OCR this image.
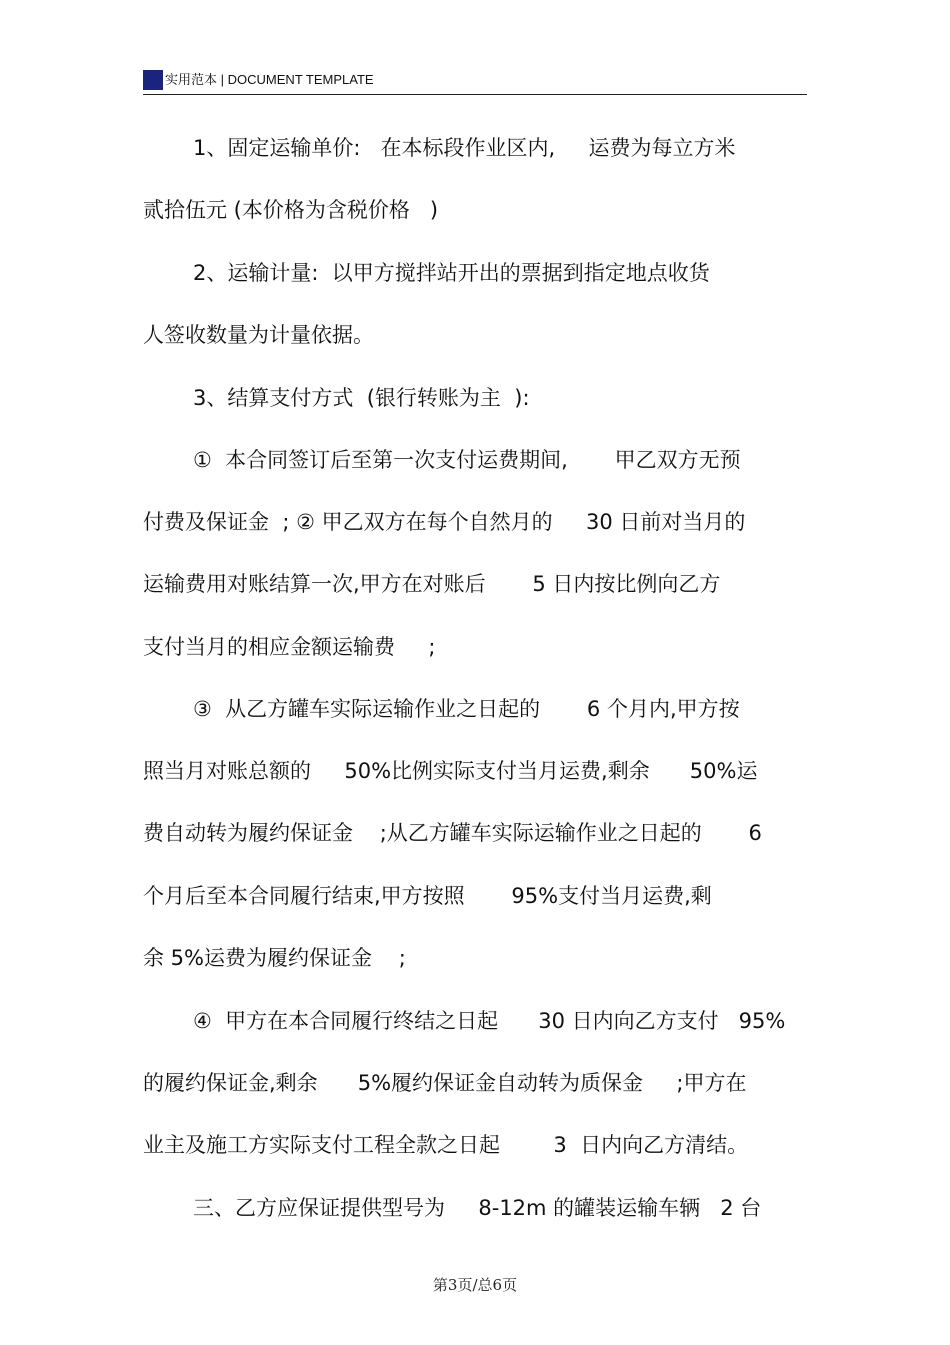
实用范本 | DOCUMENT TEMPLATE
1、固定运输单价:   在本标段作业区内,     运费为每立方米
贰拾伍元 (本价格为含税价格   )
2、运输计量:  以甲方搅拌站开出的票据到指定地点收货
人签收数量为计量依据。
3、结算支付方式  (银行转账为主  ):
①  本合同签订后至第一次支付运费期间,       甲乙双方无预
付费及保证金  ; ② 甲乙双方在每个自然月的     30 日前对当月的
运输费用对账结算一次,甲方在对账后       5 日内按比例向乙方
支付当月的相应金额运输费     ;
③  从乙方罐车实际运输作业之日起的       6 个月内,甲方按
照当月对账总额的     50%比例实际支付当月运费,剩余      50%运
费自动转为履约保证金    ;从乙方罐车实际运输作业之日起的       6
个月后至本合同履行结束,甲方按照       95%支付当月运费,剩
余 5%运费为履约保证金    ;
④  甲方在本合同履行终结之日起      30 日内向乙方支付   95%
的履约保证金,剩余      5%履约保证金自动转为质保金     ;甲方在
业主及施工方实际支付工程全款之日起        3  日内向乙方清结。
三、乙方应保证提供型号为     8-12m 的罐装运输车辆   2 台
第3页/总6页
